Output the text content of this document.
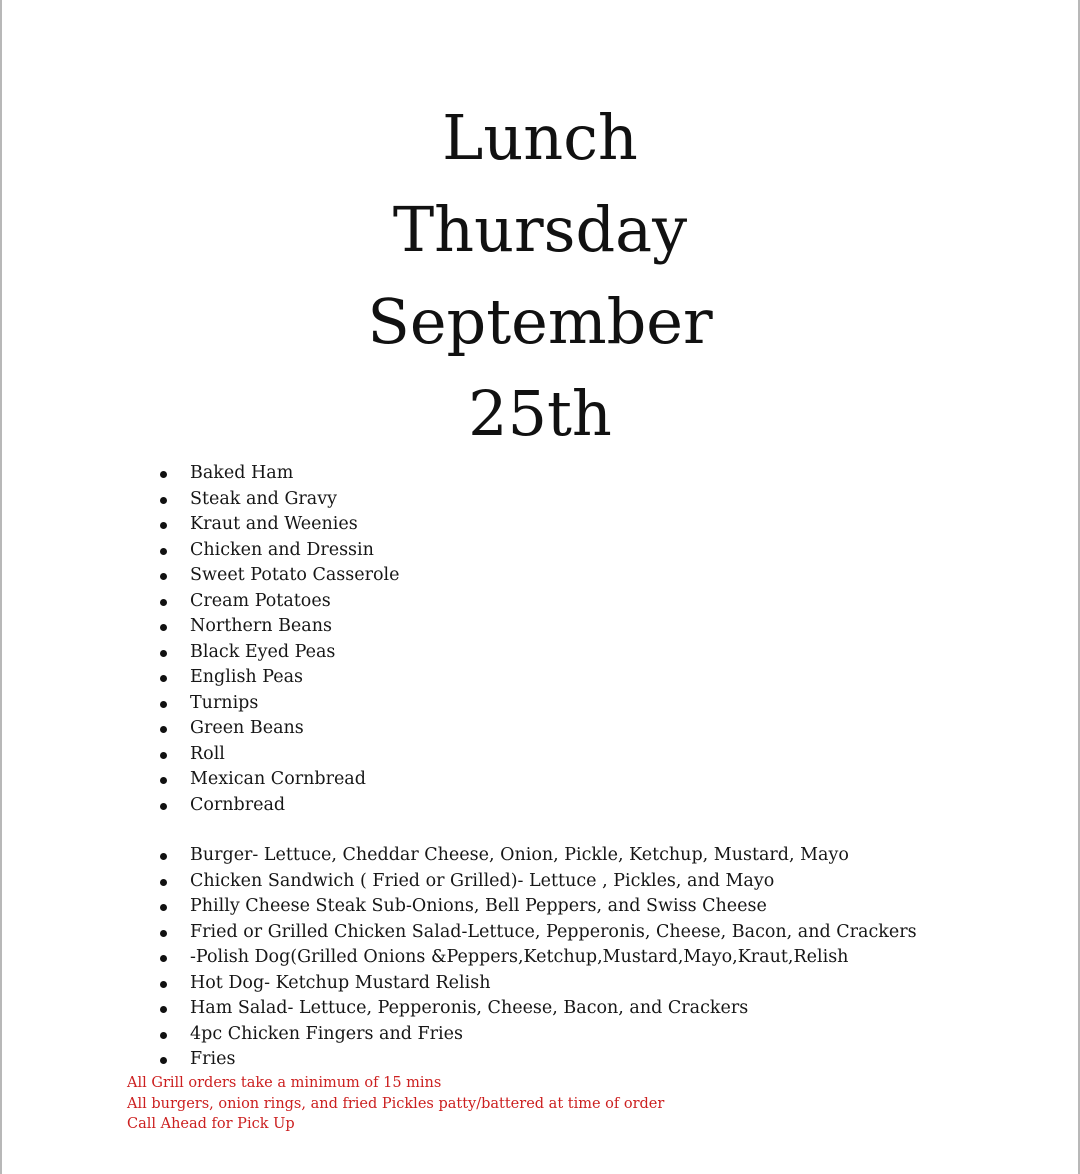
Lunch
Thursday
September
25th
Baked Ham
Steak and Gravy
Kraut and Weenies
Chicken and Dressin
Sweet Potato Casserole
Cream Potatoes
Northern Beans
Black Eyed Peas
English Peas
Turnips
Green Beans
Roll
Mexican Cornbread
Cornbread
Burger- Lettuce, Cheddar Cheese, Onion, Pickle, Ketchup, Mustard, Mayo
Chicken Sandwich ( Fried or Grilled)- Lettuce , Pickles, and Mayo
Philly Cheese Steak Sub-Onions, Bell Peppers, and Swiss Cheese
Fried or Grilled Chicken Salad-Lettuce, Pepperonis, Cheese, Bacon, and Crackers
-Polish Dog(Grilled Onions &Peppers,Ketchup,Mustard,Mayo,Kraut,Relish
Hot Dog- Ketchup Mustard Relish
Ham Salad- Lettuce, Pepperonis, Cheese, Bacon, and Crackers
4pc Chicken Fingers and Fries
Fries
All Grill orders take a minimum of 15 mins
All burgers, onion rings, and fried Pickles patty/battered at time of order
Call Ahead for Pick Up
